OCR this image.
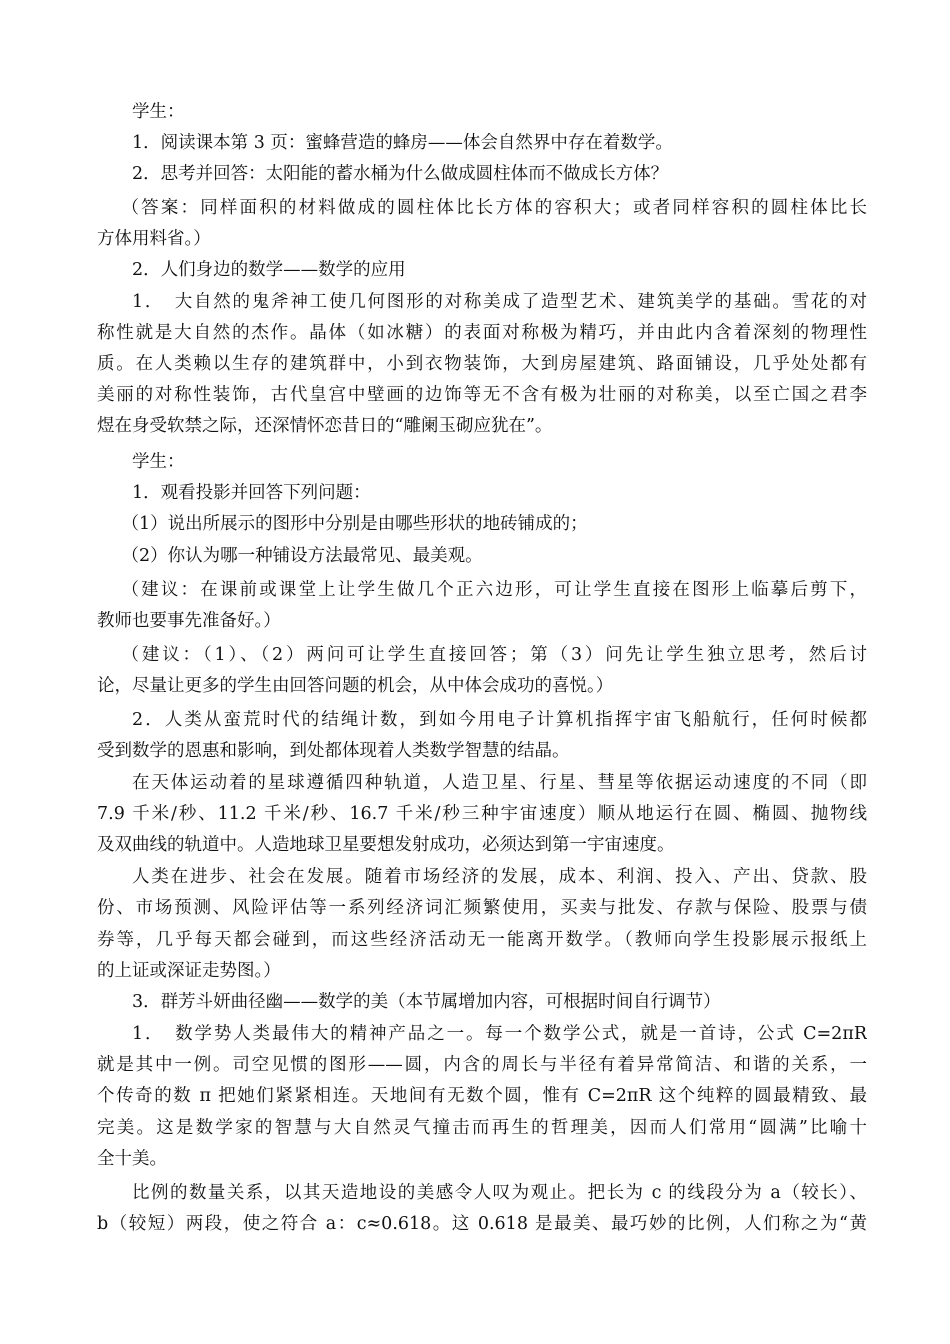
学生：
1．阅读课本第 3 页：蜜蜂营造的蜂房——体会自然界中存在着数学。
2．思考并回答：太阳能的蓄水桶为什么做成圆柱体而不做成长方体？
（答案：同样面积的材料做成的圆柱体比长方体的容积大；或者同样容积的圆柱体比长
方体用料省。）
2．人们身边的数学——数学的应用
1．　大自然的鬼斧神工使几何图形的对称美成了造型艺术、建筑美学的基础。雪花的对
称性就是大自然的杰作。晶体（如冰糖）的表面对称极为精巧，并由此内含着深刻的物理性
质。在人类赖以生存的建筑群中，小到衣物装饰，大到房屋建筑、路面铺设，几乎处处都有
美丽的对称性装饰，古代皇宫中壁画的边饰等无不含有极为壮丽的对称美，以至亡国之君李
煜在身受软禁之际，还深情怀恋昔日的“雕阑玉砌应犹在”。
学生：
1．观看投影并回答下列问题：
（1）说出所展示的图形中分别是由哪些形状的地砖铺成的；
（2）你认为哪一种铺设方法最常见、最美观。
（建议：在课前或课堂上让学生做几个正六边形，可让学生直接在图形上临摹后剪下，
教师也要事先准备好。）
（建议：（1）、（2）两问可让学生直接回答；第（3）问先让学生独立思考，然后讨
论，尽量让更多的学生由回答问题的机会，从中体会成功的喜悦。）
2．人类从蛮荒时代的结绳计数，到如今用电子计算机指挥宇宙飞船航行，任何时候都
受到数学的恩惠和影响，到处都体现着人类数学智慧的结晶。
在天体运动着的星球遵循四种轨道，人造卫星、行星、彗星等依据运动速度的不同（即
7.9 千米/秒、11.2 千米/秒、16.7 千米/秒三种宇宙速度）顺从地运行在圆、椭圆、抛物线
及双曲线的轨道中。人造地球卫星要想发射成功，必须达到第一宇宙速度。
人类在进步、社会在发展。随着市场经济的发展，成本、利润、投入、产出、贷款、股
份、市场预测、风险评估等一系列经济词汇频繁使用，买卖与批发、存款与保险、股票与债
券等，几乎每天都会碰到，而这些经济活动无一能离开数学。（教师向学生投影展示报纸上
的上证或深证走势图。）
3．群芳斗妍曲径幽——数学的美（本节属增加内容，可根据时间自行调节）
1．　数学势人类最伟大的精神产品之一。每一个数学公式，就是一首诗，公式 C=2πR
就是其中一例。司空见惯的图形——圆，内含的周长与半径有着异常简洁、和谐的关系，一
个传奇的数 π 把她们紧紧相连。天地间有无数个圆，惟有 C=2πR 这个纯粹的圆最精致、最
完美。这是数学家的智慧与大自然灵气撞击而再生的哲理美，因而人们常用“圆满”比喻十
全十美。
比例的数量关系，以其天造地设的美感令人叹为观止。把长为 c 的线段分为 a（较长）、
b（较短）两段，使之符合 a：c≈0.618。这 0.618 是最美、最巧妙的比例，人们称之为“黄
